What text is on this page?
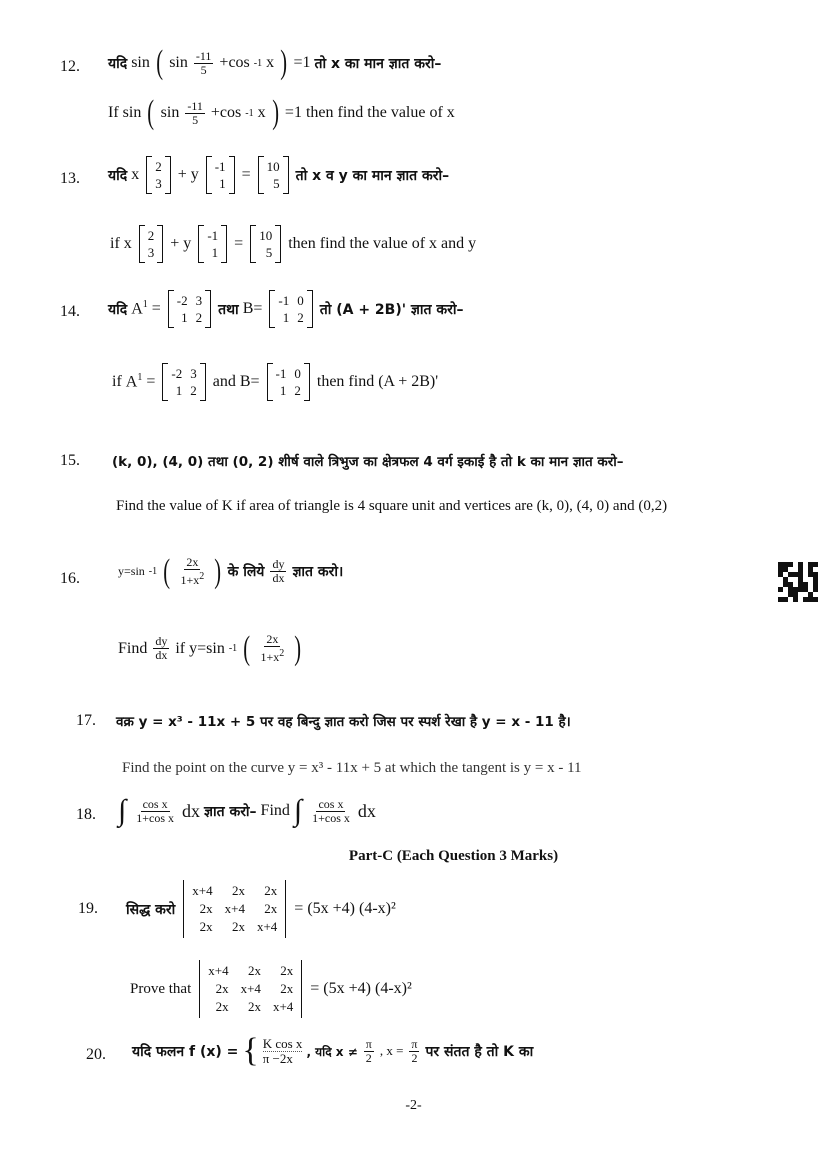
12. यदि sin ( $\sin \frac{-11}{5} +\cos$ -1 x ) =1 तो x का मान ज्ञात करो–
If sin ( $\sin \frac{-11}{5} +\cos$ -1 x ) =1 then find the value of x
13. यदि x 2
3
+ y -1
1
= 10
5 तो x व y का मान ज्ञात करो–
if x 2
3
+ y -1
1
= 10
5
then find the value of x and y
14. यदि $A^1 = -2$ 3
1 2 तथा B= -1 0
1 2 तो (A + 2B)' ज्ञात करो–
if $A^1 = -2$ 3
1 2
and B= -1 0
1 2
then find (A + 2B)'
15. (k, 0), (4, 0) तथा (0, 2) शीर्ष वाले त्रिभुज का क्षेत्रफल 4 वर्ग इकाई है तो k का मान ज्ञात करो–
Find the value of K if area of triangle is 4 square unit and vertices are (k, 0), (4, 0) and (0,2)
16.	y=sin -1 ( $\frac{2x}{1+x^2}$ ) के लिये $\frac{dy}{dx}$ ज्ञात करो।
Find $\frac{dy}{dx}$ if y=sin -1 ( $\frac{2x}{1+x^2}$ )
17. वक्र y = x³ - 11x + 5 पर वह बिन्दु ज्ञात करो जिस पर स्पर्श रेखा है y = x - 11 है।
Find the point on the curve y = x³ - 11x + 5 at which the tangent is y = x - 11
18. ∫ $\frac{\text{cos x}}{\text{1+cos x}}$ dx ज्ञात करो– Find ∫ $\frac{\text{cos x}}{\text{1+cos x}}$ dx
Part-C (Each Question 3 Marks)
19. सिद्ध करो
x+4	2x	2x
2x x+4	2x
2x	2x x+4
= (5x +4) (4-x)²
Prove that
x+4	2x	2x
2x x+4	2x
2x	2x x+4
= (5x +4) (4-x)²
20. यदि फलन f (x) = { $\frac{\text{K cos x}}{\pi -2x}$ , यदि $x \ne \frac{\pi}{2}$ , $x = \frac{\pi}{2}$ पर संतत है तो K का
-2-
